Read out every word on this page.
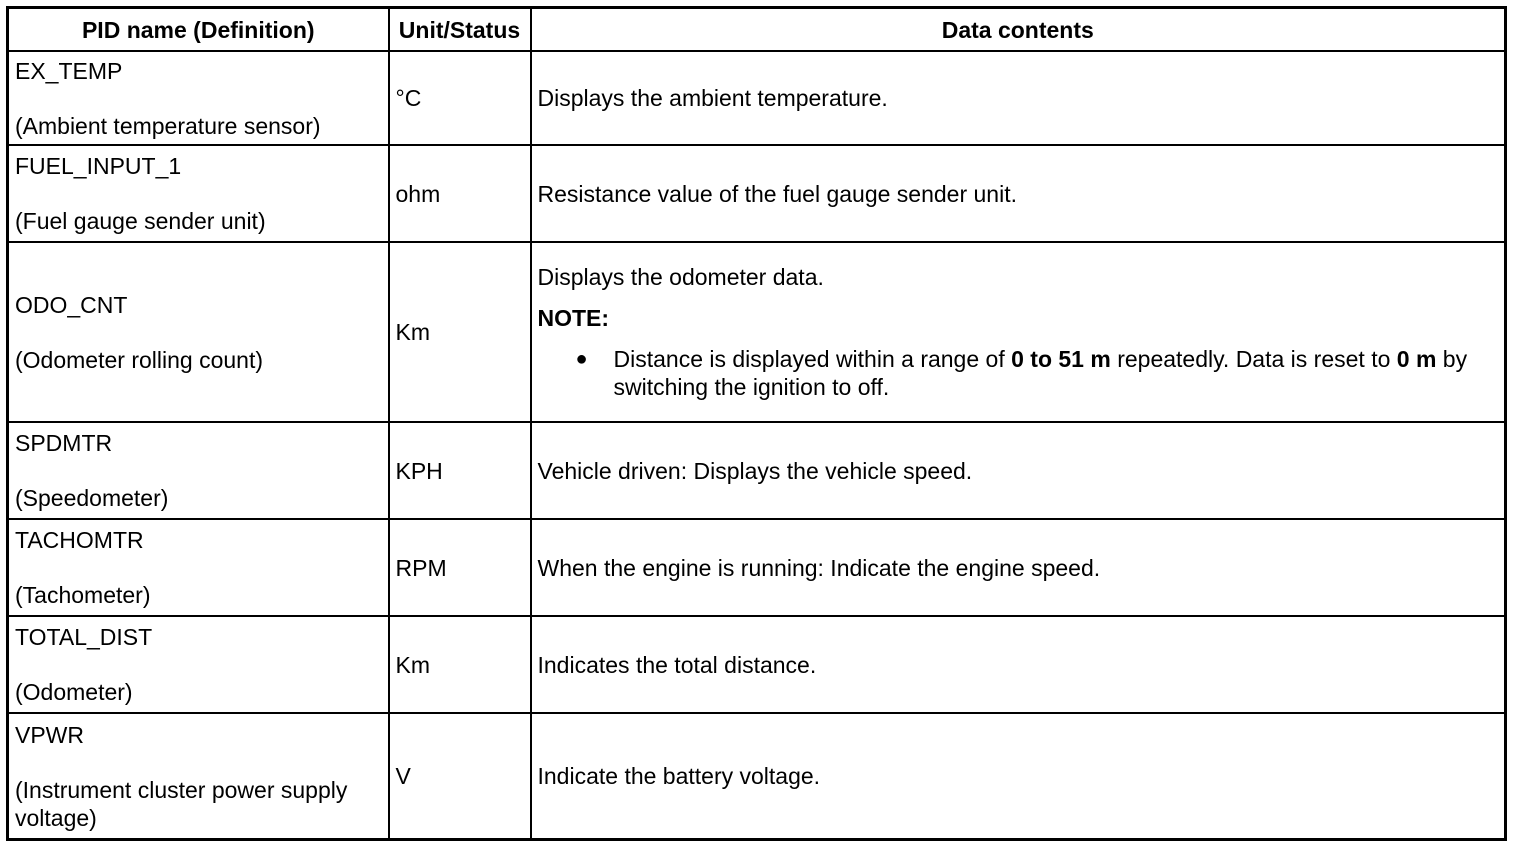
PID name (Definition)	Unit/Status	Data contents

EX_TEMP
(Ambient temperature sensor)	°C	Displays the ambient temperature.

FUEL_INPUT_1
(Fuel gauge sender unit)	ohm	Resistance value of the fuel gauge sender unit.

ODO_CNT
(Odometer rolling count)	Km	Displays the odometer data.
NOTE:
● Distance is displayed within a range of 0 to 51 m repeatedly. Data is reset to 0 m by switching the ignition to off.

SPDMTR
(Speedometer)	KPH	Vehicle driven: Displays the vehicle speed.

TACHOMTR
(Tachometer)	RPM	When the engine is running: Indicate the engine speed.

TOTAL_DIST
(Odometer)	Km	Indicates the total distance.

VPWR
(Instrument cluster power supply voltage)	V	Indicate the battery voltage.
